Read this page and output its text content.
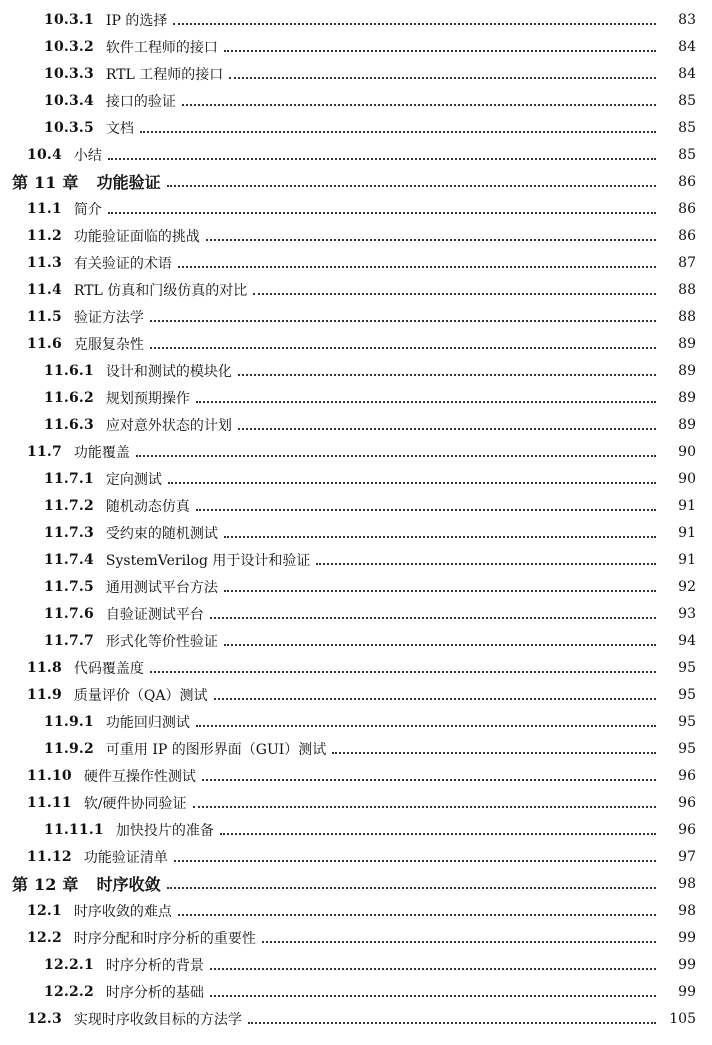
10.3.1 IP 的选择	83
10.3.2 软件工程师的接口	84
10.3.3 RTL 工程师的接口	84
10.3.4 接口的验证	85
10.3.5 文档	85
10.4 小结	85
第 11 章 功能验证	86
11.1 简介	86
11.2 功能验证面临的挑战	86
11.3 有关验证的术语	87
11.4 RTL 仿真和门级仿真的对比	88
11.5 验证方法学	88
11.6 克服复杂性	89
11.6.1 设计和测试的模块化	89
11.6.2 规划预期操作	89
11.6.3 应对意外状态的计划	89
11.7 功能覆盖	90
11.7.1 定向测试	90
11.7.2 随机动态仿真	91
11.7.3 受约束的随机测试	91
11.7.4 SystemVerilog 用于设计和验证	91
11.7.5 通用测试平台方法	92
11.7.6 自验证测试平台	93
11.7.7 形式化等价性验证	94
11.8 代码覆盖度	95
11.9 质量评价（QA）测试	95
11.9.1 功能回归测试	95
11.9.2 可重用 IP 的图形界面（GUI）测试	95
11.10 硬件互操作性测试	96
11.11 软/硬件协同验证	96
11.11.1 加快投片的准备	96
11.12 功能验证清单	97
第 12 章 时序收敛	98
12.1 时序收敛的难点	98
12.2 时序分配和时序分析的重要性	99
12.2.1 时序分析的背景	99
12.2.2 时序分析的基础	99
12.3 实现时序收敛目标的方法学	105
